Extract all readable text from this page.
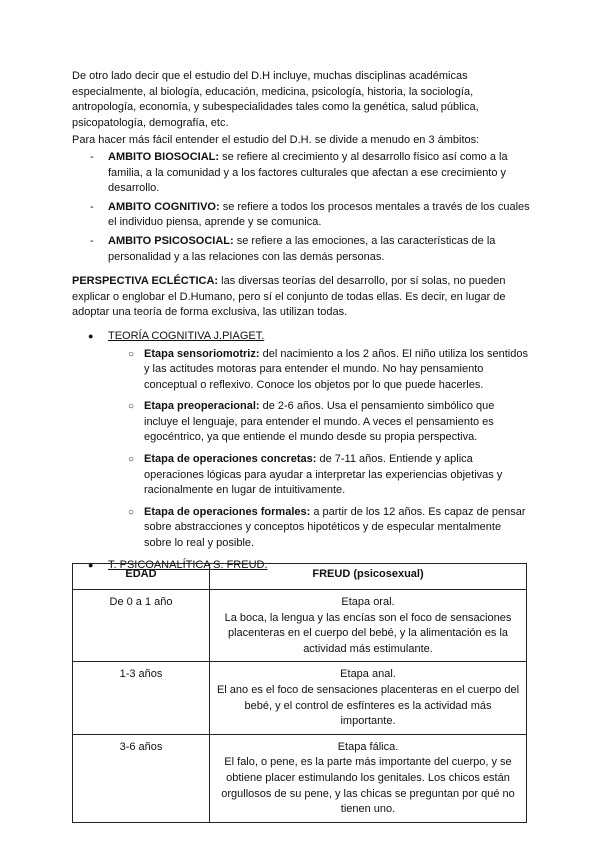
De otro lado decir que el estudio del D.H incluye, muchas disciplinas académicas especialmente, al biología, educación, medicina, psicología, historia, la sociología, antropología, economía, y subespecialidades tales como la genética, salud pública, psicopatología, demografía, etc.

Para hacer más fácil entender el estudio del D.H. se divide a menudo en 3 ámbitos:

- AMBITO BIOSOCIAL: se refiere al crecimiento y al desarrollo físico así como a la familia, a la comunidad y a los factores culturales que afectan a ese crecimiento y desarrollo.
- AMBITO COGNITIVO: se refiere a todos los procesos mentales a través de los cuales el individuo piensa, aprende y se comunica.
- AMBITO PSICOSOCIAL: se refiere a las emociones, a las características de la personalidad y a las relaciones con las demás personas.

PERSPECTIVA ECLÉCTICA: las diversas teorías del desarrollo, por sí solas, no pueden explicar o englobar el D.Humano, pero sí el conjunto de todas ellas. Es decir, en lugar de adoptar una teoría de forma exclusiva, las utilizan todas.

● TEORÍA COGNITIVA J.PIAGET.
○ Etapa sensoriomotriz: del nacimiento a los 2 años. El niño utiliza los sentidos y las actitudes motoras para entender el mundo. No hay pensamiento conceptual o reflexivo. Conoce los objetos por lo que puede hacerles.
○ Etapa preoperacional: de 2-6 años. Usa el pensamiento simbólico que incluye el lenguaje, para entender el mundo. A veces el pensamiento es egocéntrico, ya que entiende el mundo desde su propia perspectiva.
○ Etapa de operaciones concretas: de 7-11 años. Entiende y aplica operaciones lógicas para ayudar a interpretar las experiencias objetivas y racionalmente en lugar de intuitivamente.
○ Etapa de operaciones formales: a partir de los 12 años. Es capaz de pensar sobre abstracciones y conceptos hipotéticos y de especular mentalmente sobre lo real y posible.
● T. PSICOANALÍTICA S. FREUD.
EDAD	FREUD (psicosexual)
De 0 a 1 año	Etapa oral.
La boca, la lengua y las encías son el foco de sensaciones placenteras en el cuerpo del bebé, y la alimentación es la actividad más estimulante.

1-3 años	Etapa anal.
El ano es el foco de sensaciones placenteras en el cuerpo del bebé, y el control de esfínteres es la actividad más importante.

3-6 años	Etapa fálica.
El falo, o pene, es la parte más importante del cuerpo, y se obtiene placer estimulando los genitales. Los chicos están orgullosos de su pene, y las chicas se preguntan por qué no tienen uno.
